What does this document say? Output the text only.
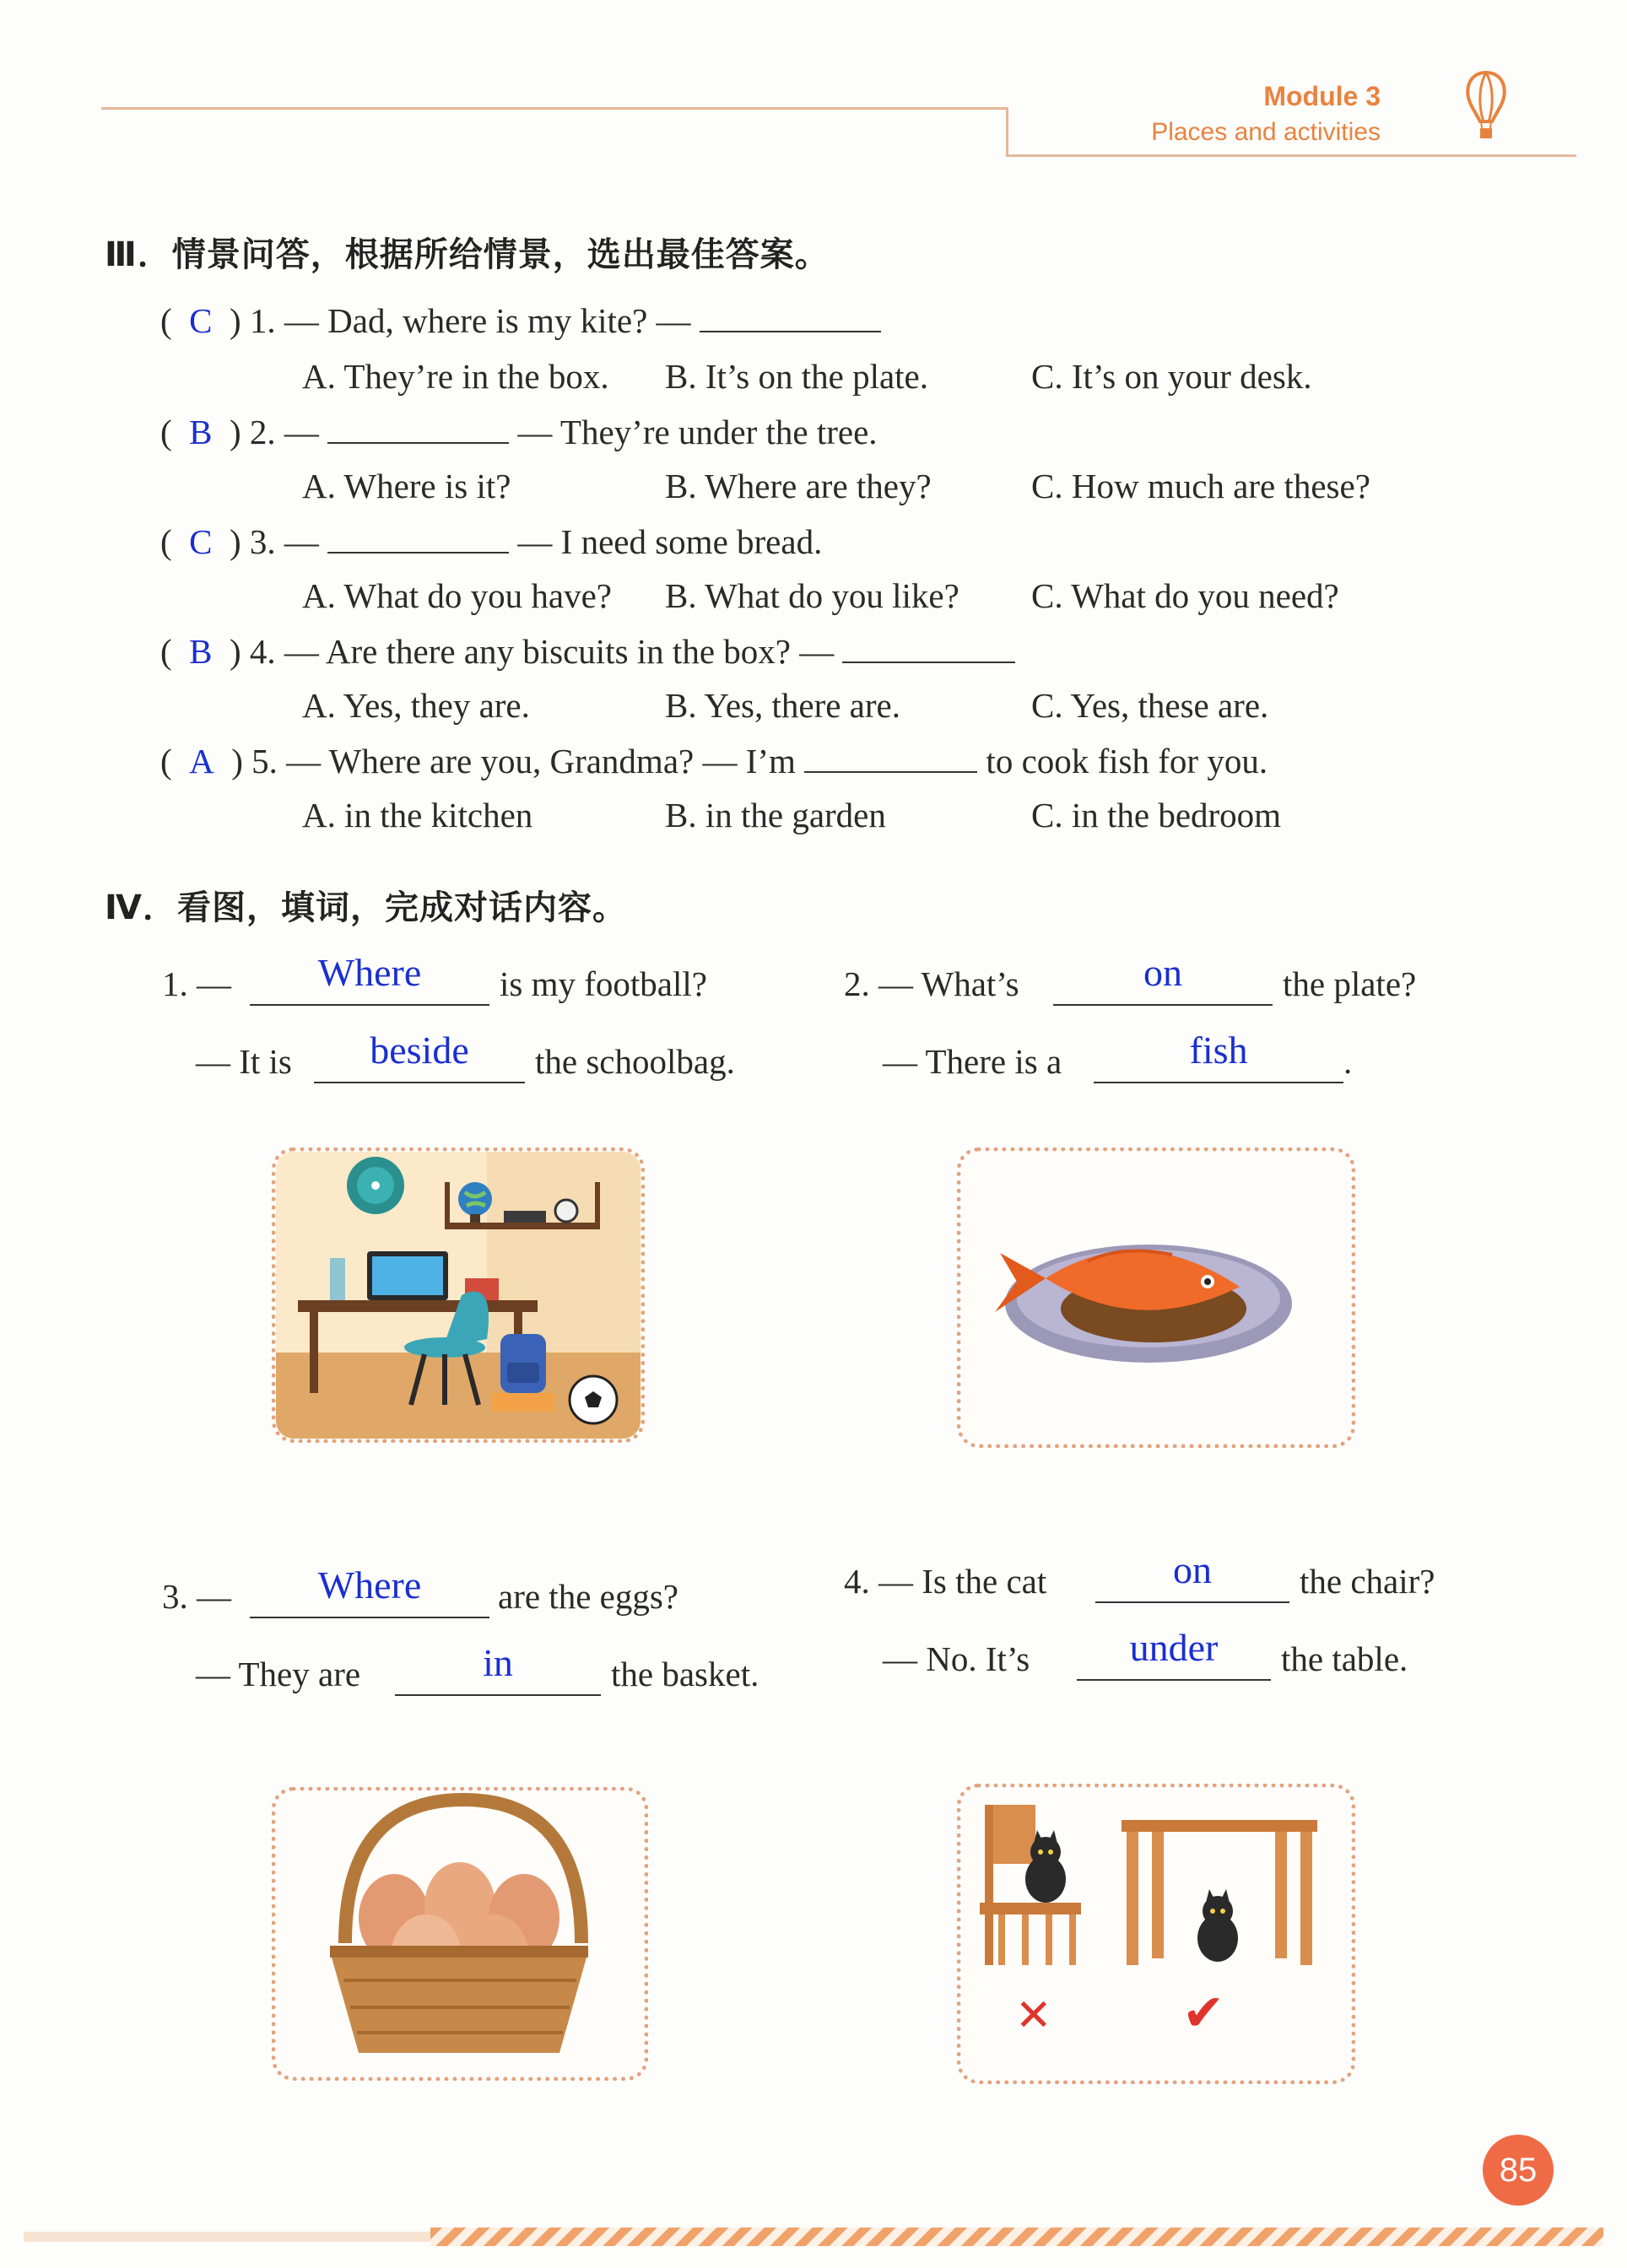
Module 3
Places and activities
Ⅲ．情景问答，根据所给情景，选出最佳答案。
(  C  ) 1. — Dad, where is my kite? —
A. They’re in the box. B. It’s on the plate.	C. It’s on your desk.
(  B  ) 2. —	— They’re under the tree.
A. Where is it?	B. Where are they?	C. How much are these?
(  C  ) 3. —	— I need some bread.
A. What do you have? B. What do you like? C. What do you need?
(  B  ) 4. — Are there any biscuits in the box? —
A. Yes, they are.	B. Yes, there are.	C. Yes, these are.
(  A  ) 5. — Where are you, Grandma? — I’m	to cook fish for you.
A. in the kitchen	B. in the garden	C. in the bedroom
Ⅳ．看图，填词，完成对话内容。
1. —	Where	is my football?
— It is	beside	the schoolbag.
2. — What’s	on	the plate?
— There is a	fish	.
3. —	Where	are the eggs?
— They are	in	the basket.
4. — Is the cat	on	the chair?
— No. It’s	under	the table.
✕	✔
85
